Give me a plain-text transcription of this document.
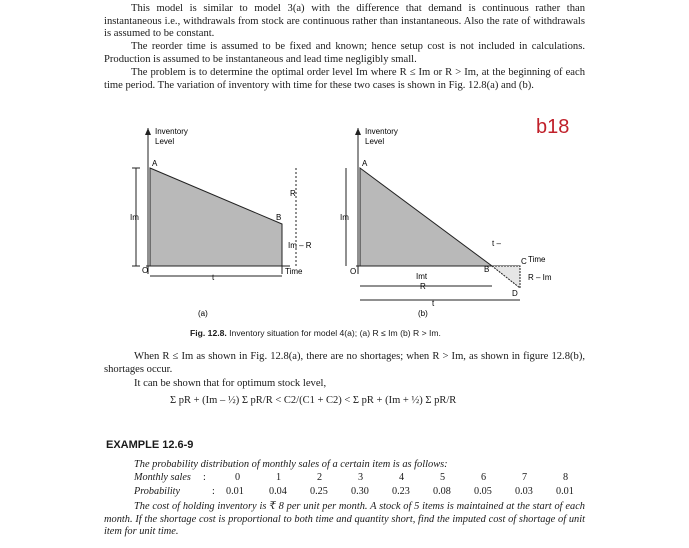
This model is similar to model 3(a) with the difference that demand is continuous rather than instantaneous i.e., withdrawals from stock are continuous rather than instantaneous. Also the rate of withdrawals is assumed to be constant.
The reorder time is assumed to be fixed and known; hence setup cost is not included in calculations. Production is assumed to be instantaneous and lead time negligibly small.
The problem is to determine the optimal order level Im where R ≤ Im or R > Im, at the beginning of each time period. The variation of inventory with time for these two cases is shown in Fig. 12.8(a) and (b).
b18
Inventory
Level
A
B
O	Time
Im
R
Im – R
t
(a)
Inventory
Level
A
B
C
D
O
Time
R – Im
Im
Imt
R
t –
t
(b)
Fig. 12.8. Inventory situation for model 4(a); (a) R ≤ Im (b) R > Im.
When R ≤ Im as shown in Fig. 12.8(a), there are no shortages; when R > Im, as shown in figure 12.8(b), shortages occur.
It can be shown that for optimum stock level,
Σ pR + (Im – ½) Σ pR/R < C2/(C1 + C2) < Σ pR + (Im + ½) Σ pR/R
EXAMPLE 12.6-9
The probability distribution of monthly sales of a certain item is as follows:
Monthly sales :	0	1	2	3	4	5	6	7	8
Probability	: 0.01 0.04 0.25 0.30 0.23 0.08 0.05 0.03 0.01
The cost of holding inventory is ₹ 8 per unit per month. A stock of 5 items is maintained at the start of each month. If the shortage cost is proportional to both time and quantity short, find the imputed cost of shortage of unit item for unit time.
